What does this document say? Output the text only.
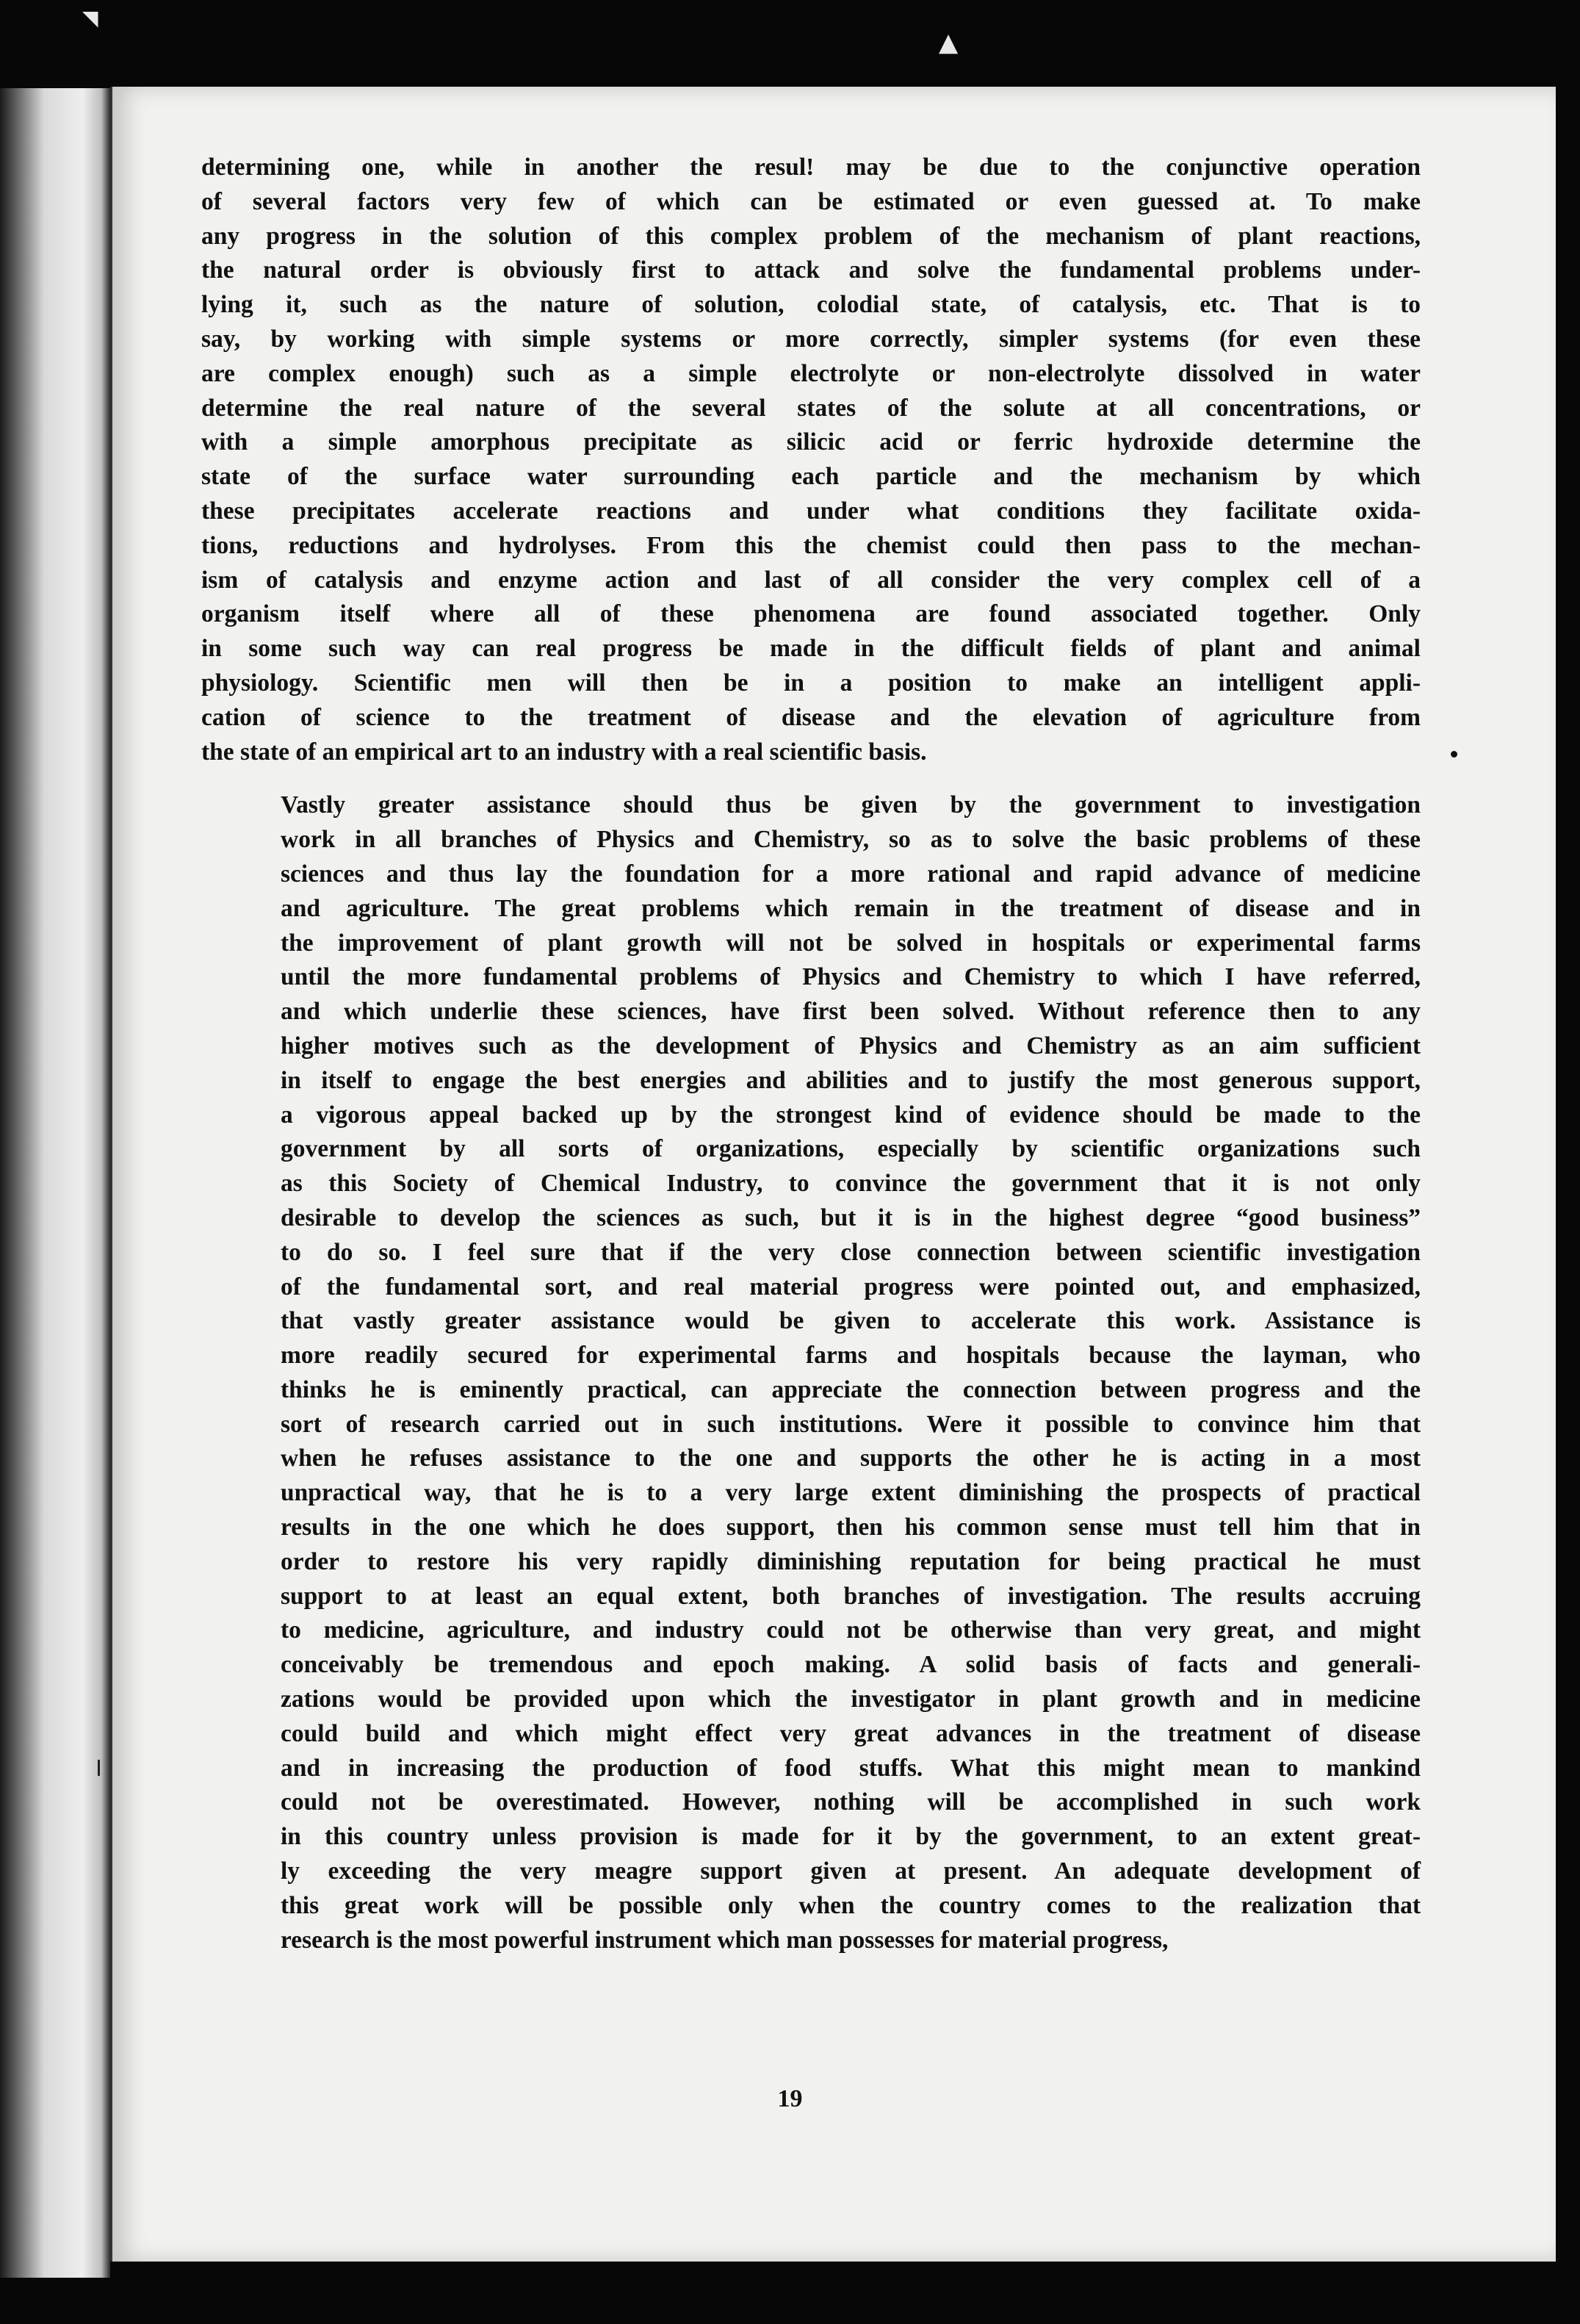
◥
▲
determining one, while in another the resul! may be due to the conjunctive operation
of several factors very few of which can be estimated or even guessed at. To make
any progress in the solution of this complex problem of the mechanism of plant reactions,
the natural order is obviously first to attack and solve the fundamental problems under-
lying it, such as the nature of solution, colodial state, of catalysis, etc. That is to
say, by working with simple systems or more correctly, simpler systems (for even these
are complex enough) such as a simple electrolyte or non-electrolyte dissolved in water
determine the real nature of the several states of the solute at all concentrations, or
with a simple amorphous precipitate as silicic acid or ferric hydroxide determine the
state of the surface water surrounding each particle and the mechanism by which
these precipitates accelerate reactions and under what conditions they facilitate oxida-
tions, reductions and hydrolyses. From this the chemist could then pass to the mechan-
ism of catalysis and enzyme action and last of all consider the very complex cell of a
organism itself where all of these phenomena are found associated together. Only
in some such way can real progress be made in the difficult fields of plant and animal
physiology. Scientific men will then be in a position to make an intelligent appli-
cation of science to the treatment of disease and the elevation of agriculture from
the state of an empirical art to an industry with a real scientific basis.
Vastly greater assistance should thus be given by the government to investigation
work in all branches of Physics and Chemistry, so as to solve the basic problems of these
sciences and thus lay the foundation for a more rational and rapid advance of medicine
and agriculture. The great problems which remain in the treatment of disease and in
the improvement of plant growth will not be solved in hospitals or experimental farms
until the more fundamental problems of Physics and Chemistry to which I have referred,
and which underlie these sciences, have first been solved. Without reference then to any
higher motives such as the development of Physics and Chemistry as an aim sufficient
in itself to engage the best energies and abilities and to justify the most generous support,
a vigorous appeal backed up by the strongest kind of evidence should be made to the
government by all sorts of organizations, especially by scientific organizations such
as this Society of Chemical Industry, to convince the government that it is not only
desirable to develop the sciences as such, but it is in the highest degree “good business”
to do so. I feel sure that if the very close connection between scientific investigation
of the fundamental sort, and real material progress were pointed out, and emphasized,
that vastly greater assistance would be given to accelerate this work. Assistance is
more readily secured for experimental farms and hospitals because the layman, who
thinks he is eminently practical, can appreciate the connection between progress and the
sort of research carried out in such institutions. Were it possible to convince him that
when he refuses assistance to the one and supports the other he is acting in a most
unpractical way, that he is to a very large extent diminishing the prospects of practical
results in the one which he does support, then his common sense must tell him that in
order to restore his very rapidly diminishing reputation for being practical he must
support to at least an equal extent, both branches of investigation. The results accruing
to medicine, agriculture, and industry could not be otherwise than very great, and might
conceivably be tremendous and epoch making. A solid basis of facts and generali-
zations would be provided upon which the investigator in plant growth and in medicine
could build and which might effect very great advances in the treatment of disease
and in increasing the production of food stuffs. What this might mean to mankind
could not be overestimated. However, nothing will be accomplished in such work
in this country unless provision is made for it by the government, to an extent great-
ly exceeding the very meagre support given at present. An adequate development of
this great work will be possible only when the country comes to the realization that
research is the most powerful instrument which man possesses for material progress,
19
